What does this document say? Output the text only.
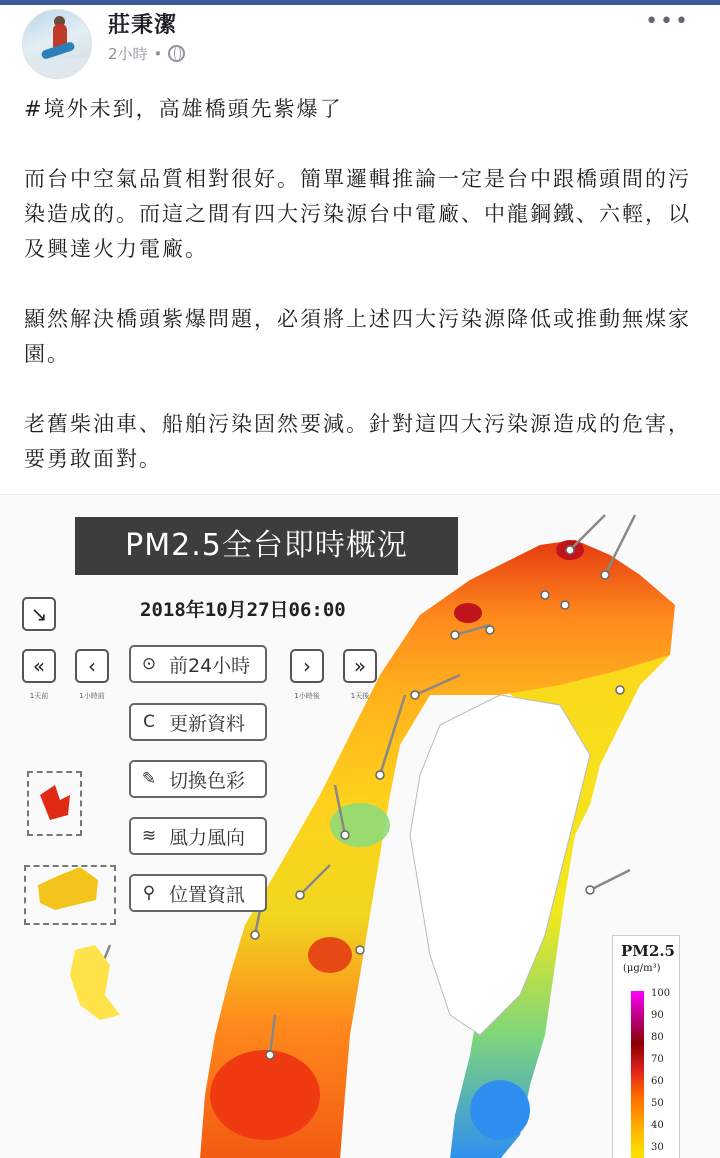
莊秉潔
2小時 •
•••

#境外未到，高雄橋頭先紫爆了

而台中空氣品質相對很好。簡單邏輯推論一定是台中跟橋頭間的污染造成的。而這之間有四大污染源台中電廠、中龍鋼鐵、六輕，以及興達火力電廠。

顯然解決橋頭紫爆問題，必須將上述四大污染源降低或推動無煤家園。

老舊柴油車、船舶污染固然要減。針對這四大污染源造成的危害，要勇敢面對。

PM2.5全台即時概況
2018年10月27日06:00
↘
«
1天前
‹
1小時前
›
1小時後
»
1天後
⊙ 前24小時
C 更新資料
✎ 切換色彩
≋ 風力風向
⚲ 位置資訊
PM2.5
(μg/m³)
100
90
80
70
60
50
40
30
